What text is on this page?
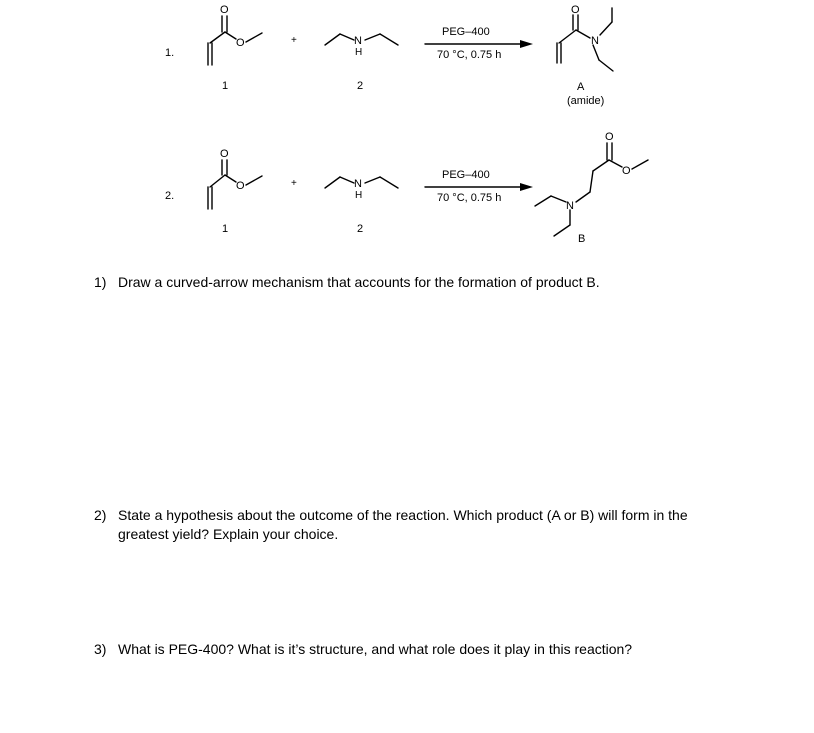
1.
O
O
1
+	N
H
2
PEG–400
70 °C, 0.75 h
O
N
A
(amide)
2.
O
O
1
+	N
H
2
PEG–400
70 °C, 0.75 h
O
O
N
B
1) Draw a curved-arrow mechanism that accounts for the formation of product B.
2) State a hypothesis about the outcome of the reaction. Which product (A or B) will form in the greatest yield? Explain your choice.
3) What is PEG-400? What is it’s structure, and what role does it play in this reaction?
